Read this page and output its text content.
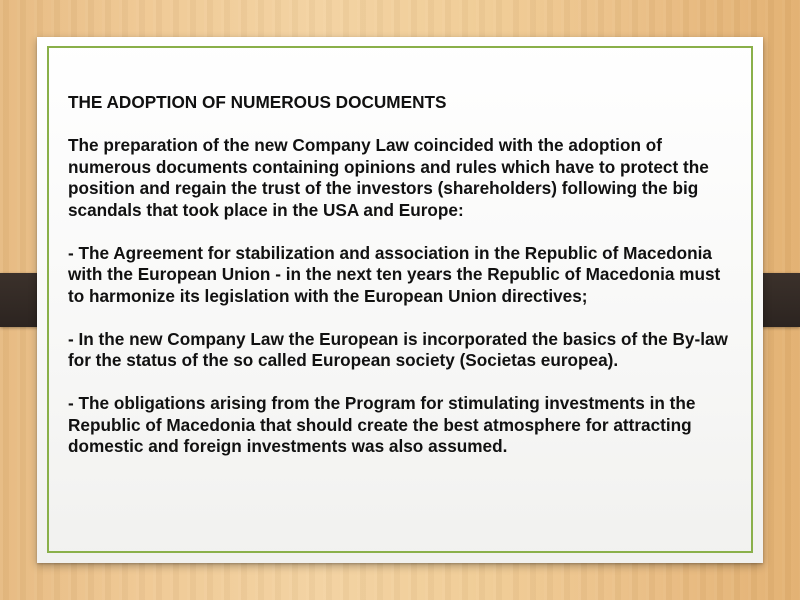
THE ADOPTION OF NUMEROUS DOCUMENTS

The preparation of the new Company Law coincided with the adoption of numerous documents containing opinions and rules which have to protect the position and regain the trust of the investors (shareholders) following the big scandals that took place in the USA and Europe:

- The Agreement for stabilization and association in the Republic of Macedonia with the European Union - in the next ten years the Republic of Macedonia must to harmonize its legislation with the European Union directives;

- In the new Company Law the European is incorporated the basics of the By-law for the status of the so called European society (Societas europea).

- The obligations arising from the Program for stimulating investments in the Republic of Macedonia that should create the best atmosphere for attracting domestic and foreign investments was also assumed.
